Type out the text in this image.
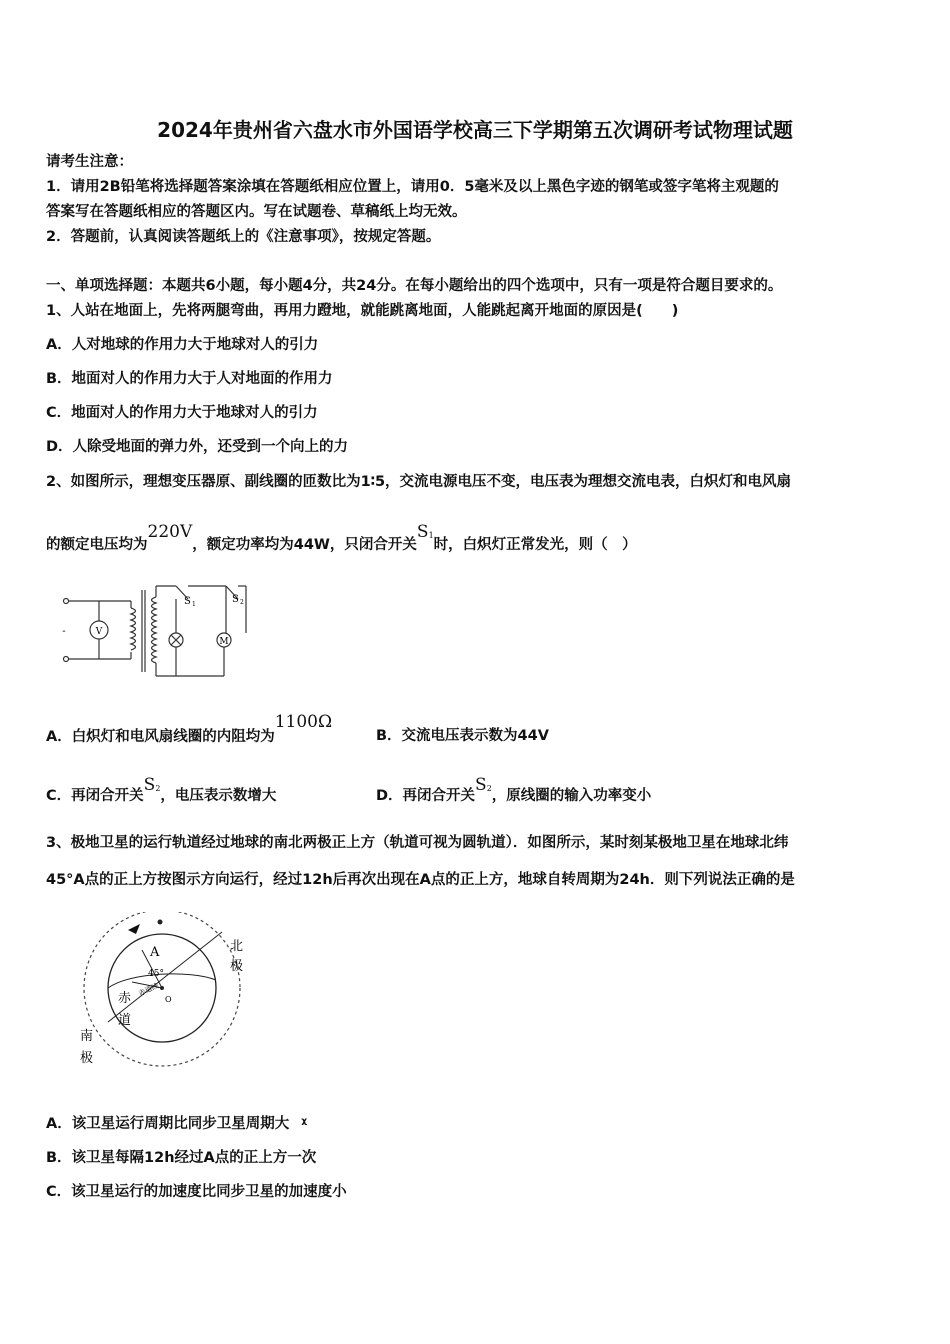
2024年贵州省六盘水市外国语学校高三下学期第五次调研考试物理试题
请考生注意：
1．请用2B铅笔将选择题答案涂填在答题纸相应位置上，请用0．5毫米及以上黑色字迹的钢笔或签字笔将主观题的
答案写在答题纸相应的答题区内。写在试题卷、草稿纸上均无效。
2．答题前，认真阅读答题纸上的《注意事项》，按规定答题。
一、单项选择题：本题共6小题，每小题4分，共24分。在每小题给出的四个选项中，只有一项是符合题目要求的。
1、人站在地面上，先将两腿弯曲，再用力蹬地，就能跳离地面，人能跳起离开地面的原因是(　　)
A．人对地球的作用力大于地球对人的引力
B．地面对人的作用力大于人对地面的作用力
C．地面对人的作用力大于地球对人的引力
D．人除受地面的弹力外，还受到一个向上的力
2、如图所示，理想变压器原、副线圈的匝数比为1∶5，交流电源电压不变，电压表为理想交流电表，白炽灯和电风扇
的额定电压均为220V，额定功率均为44W，只闭合开关S1时，白炽灯正常发光，则（　）
V
M
S 1	S 2
-
A．白炽灯和电风扇线圈的内阻均为1100Ω
B．交流电压表示数为44V
C．再闭合开关S2，电压表示数增大	D．再闭合开关S2，原线圈的输入功率变小
3、极地卫星的运行轨道经过地球的南北两极正上方（轨道可视为圆轨道）．如图所示，某时刻某极地卫星在地球北纬
45°A点的正上方按图示方向运行，经过12h后再次出现在A点的正上方，地球自转周期为24h．则下列说法正确的是
A
45°
O
北
极
赤
道
南
极
赤道线
A．该卫星运行周期比同步卫星周期大 ᵡ
B．该卫星每隔12h经过A点的正上方一次
C．该卫星运行的加速度比同步卫星的加速度小
